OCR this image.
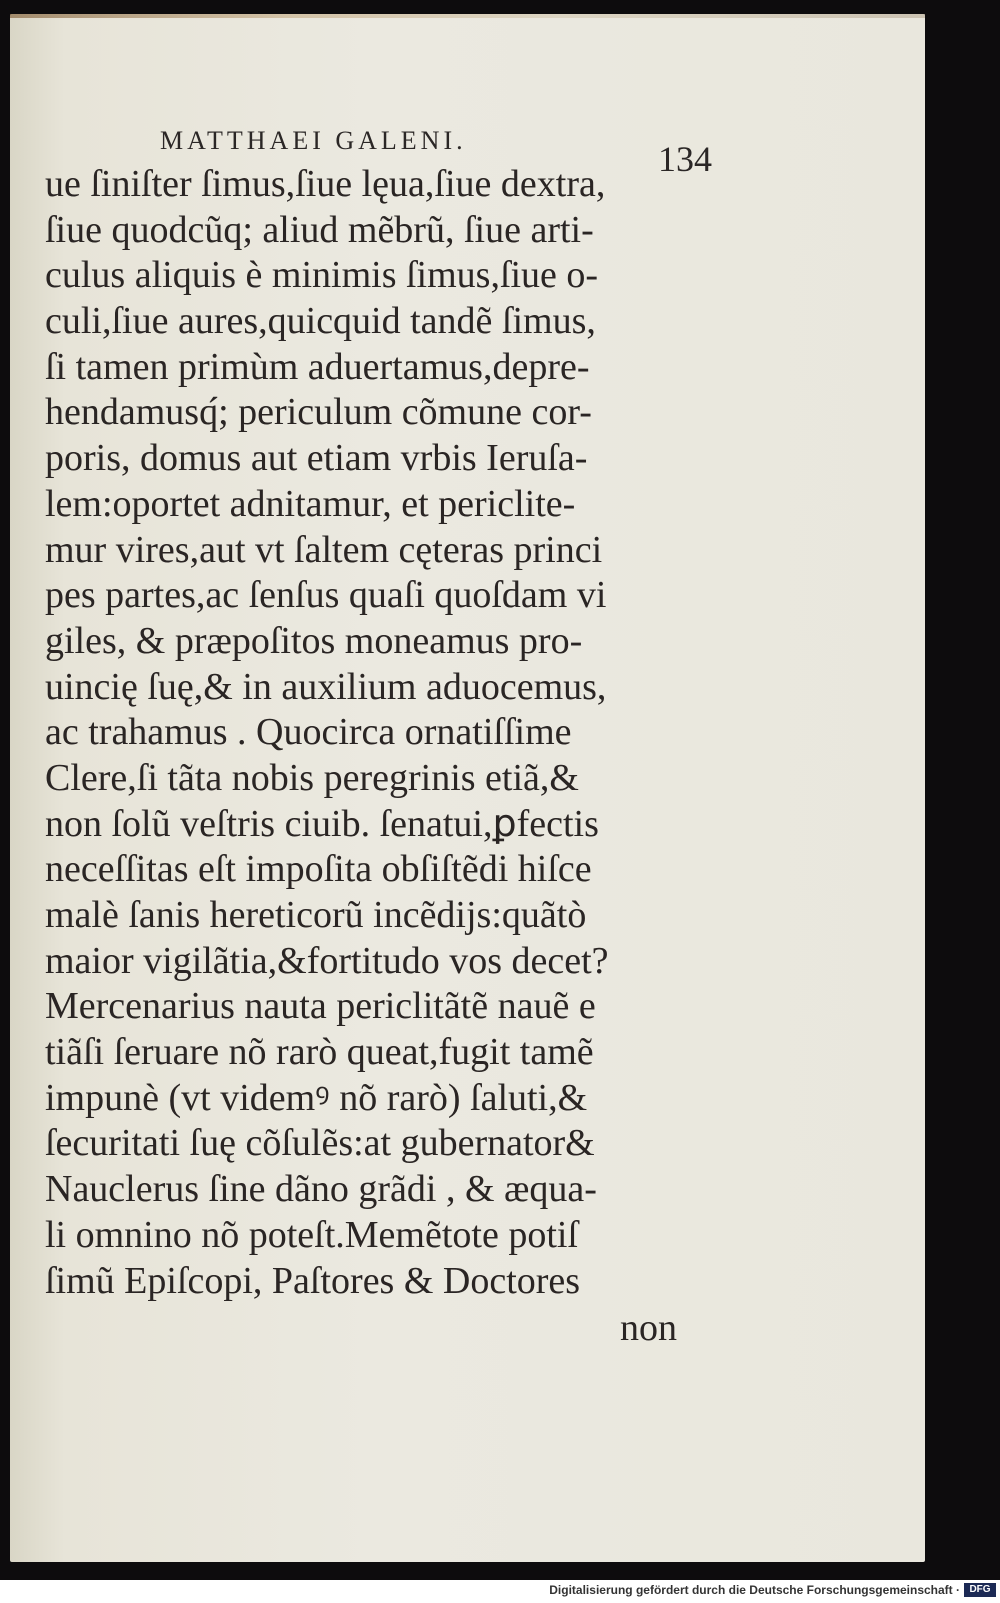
MATTHAEI GALENI.	134
ue ſiniſter ſimus,ſiue lęua,ſiue dextra,
ſiue quodcũq; aliud mẽbrũ, ſiue arti-
culus aliquis è minimis ſimus,ſiue o-
culi,ſiue aures,quicquid tandẽ ſimus,
ſi tamen primùm aduertamus,depre-
hendamusq́; periculum cõmune cor-
poris, domus aut etiam vrbis Ieruſa-
lem:oportet adnitamur, et periclite-
mur vires,aut vt ſaltem cęteras princi
pes partes,ac ſenſus quaſi quoſdam vi
giles, & præpoſitos moneamus pro-
uincię ſuę,& in auxilium aduocemus,
ac trahamus . Quocirca ornatiſſime
Clere,ſi tãta nobis peregrinis etiã,&
non ſolũ veſtris ciuib. ſenatui,ꝑfectis
neceſſitas eſt impoſita obſiſtẽdi hiſce
malè ſanis hereticorũ incẽdijs:quãtò
maior vigilãtia,&fortitudo vos decet?
Mercenarius nauta periclitãtẽ nauẽ e
tiãſi ſeruare nõ rarò queat,fugit tamẽ
impunè (vt videmꝰ nõ rarò) ſaluti,&
ſecuritati ſuę cõſulẽs:at gubernator&
Nauclerus ſine dãno grãdi , & æqua-
li omnino nõ poteſt.Memẽtote potiſ
ſimũ Epiſcopi, Paſtores & Doctores
non
Digitalisierung gefördert durch die Deutsche Forschungsgemeinschaft · DFG
